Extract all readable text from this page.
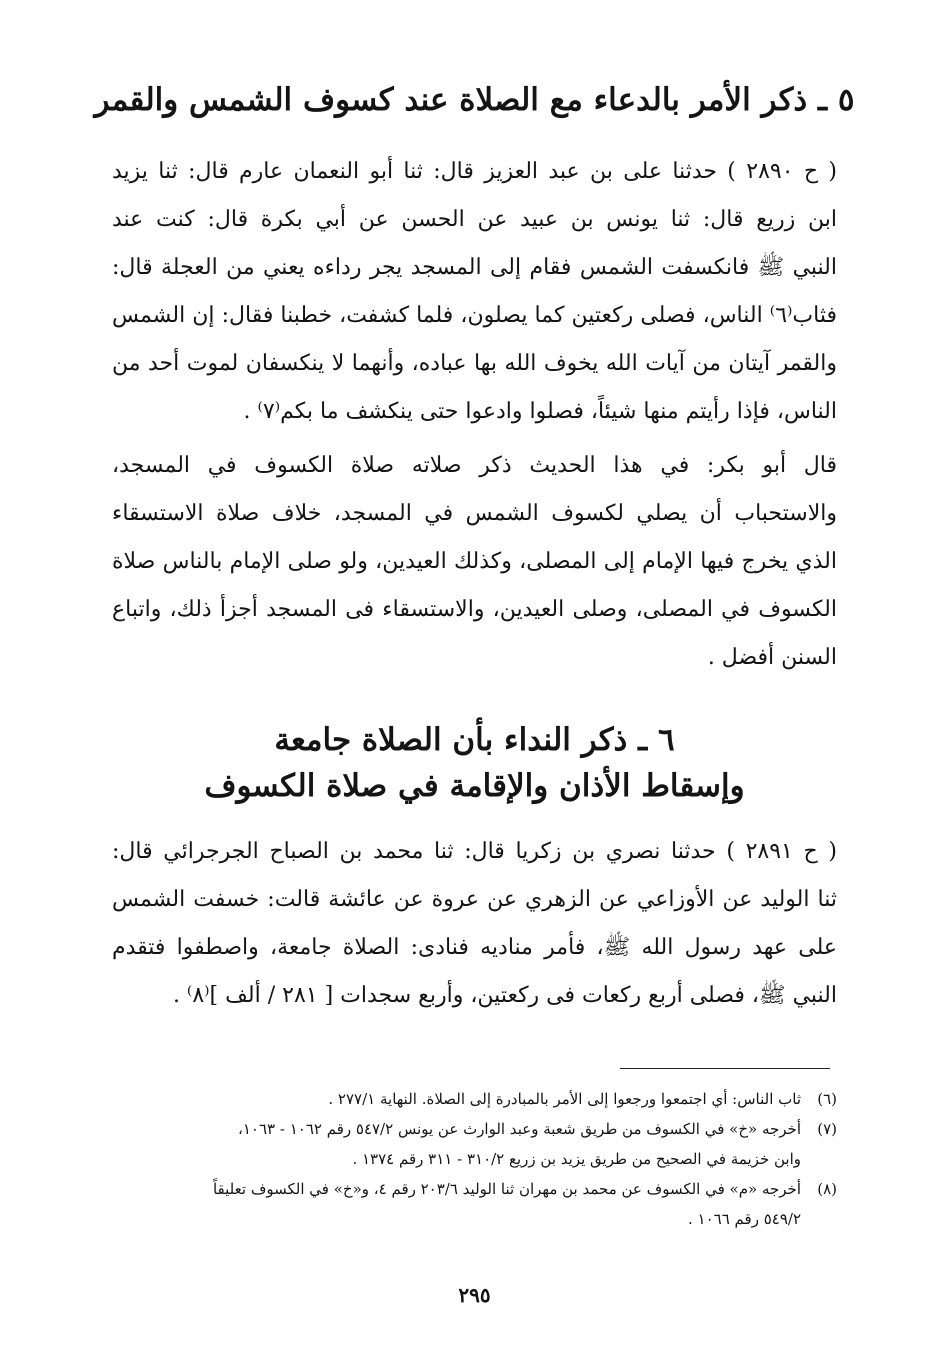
٥ ـ ذكر الأمر بالدعاء مع الصلاة عند كسوف الشمس والقمر
( ح ٢٨٩٠ ) حدثنا على بن عبد العزيز قال: ثنا أبو النعمان عارم قال: ثنا يزيد
ابن زريع قال: ثنا يونس بن عبيد عن الحسن عن أبي بكرة قال: كنت عند
النبي ﷺ فانكسفت الشمس فقام إلى المسجد يجر رداءه يعني من العجلة قال:
فثاب⁽٦⁾ الناس، فصلى ركعتين كما يصلون، فلما كشفت، خطبنا فقال: إن الشمس
والقمر آيتان من آيات الله يخوف الله بها عباده، وأنهما لا ينكسفان لموت أحد من
الناس، فإذا رأيتم منها شيئاً، فصلوا وادعوا حتى ينكشف ما بكم⁽٧⁾ .
قال أبو بكر: في هذا الحديث ذكر صلاته صلاة الكسوف في المسجد،
والاستحباب أن يصلي لكسوف الشمس في المسجد، خلاف صلاة الاستسقاء
الذي يخرج فيها الإمام إلى المصلى، وكذلك العيدين، ولو صلى الإمام بالناس صلاة
الكسوف في المصلى، وصلى العيدين، والاستسقاء فى المسجد أجزأ ذلك، واتباع
السنن أفضل .
٦ ـ ذكر النداء بأن الصلاة جامعة
وإسقاط الأذان والإقامة في صلاة الكسوف
( ح ٢٨٩١ ) حدثنا نصري بن زكريا قال: ثنا محمد بن الصباح الجرجرائي قال:
ثنا الوليد عن الأوزاعي عن الزهري عن عروة عن عائشة قالت: خسفت الشمس
على عهد رسول الله ﷺ، فأمر مناديه فنادى: الصلاة جامعة، واصطفوا فتقدم
النبي ﷺ، فصلى أربع ركعات فى ركعتين، وأربع سجدات [ ٢٨١ / ألف ]⁽٨⁾ .
(٦)
ثاب الناس: أي اجتمعوا ورجعوا إلى الأمر بالمبادرة إلى الصلاة. النهاية ٢٧٧/١ .
(٧)
أخرجه «خ» في الكسوف من طريق شعبة وعبد الوارث عن يونس ٥٤٧/٢ رقم ١٠٦٢ - ١٠٦٣،
وابن خزيمة في الصحيح من طريق يزيد بن زريع ٣١٠/٢ - ٣١١ رقم ١٣٧٤ .
(٨)
أخرجه «م» في الكسوف عن محمد بن مهران ثنا الوليد ٢٠٣/٦ رقم ٤، و«خ» في الكسوف تعليقاً
٥٤٩/٢ رقم ١٠٦٦ .
٢٩٥
